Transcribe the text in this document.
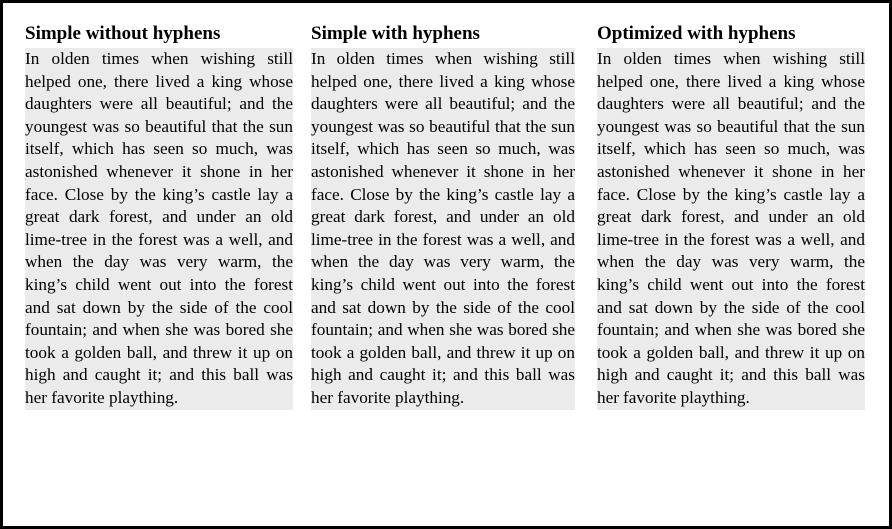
Simple without hyphens

In olden times when wishing still helped one, there lived a king whose daughters were all beautiful; and the youngest was so beautiful that the sun itself, which has seen so much, was astonished whenever it shone in her face. Close by the king’s castle lay a great dark forest, and under an old lime-tree in the forest was a well, and when the day was very warm, the king’s child went out into the forest and sat down by the side of the cool fountain; and when she was bored she took a golden ball, and threw it up on high and caught it; and this ball was her favorite plaything.

Simple with hyphens

In olden times when wishing still helped one, there lived a king whose daughters were all beautiful; and the youngest was so beautiful that the sun itself, which has seen so much, was astonished whenever it shone in her face. Close by the king’s castle lay a great dark forest, and under an old lime-tree in the forest was a well, and when the day was very warm, the king’s child went out into the forest and sat down by the side of the cool fountain; and when she was bored she took a golden ball, and threw it up on high and caught it; and this ball was her favorite plaything.

Optimized with hyphens

In olden times when wishing still helped one, there lived a king whose daughters were all beautiful; and the youngest was so beautiful that the sun itself, which has seen so much, was astonished whenever it shone in her face. Close by the king’s castle lay a great dark forest, and under an old lime-tree in the forest was a well, and when the day was very warm, the king’s child went out into the forest and sat down by the side of the cool fountain; and when she was bored she took a golden ball, and threw it up on high and caught it; and this ball was her favorite plaything.
